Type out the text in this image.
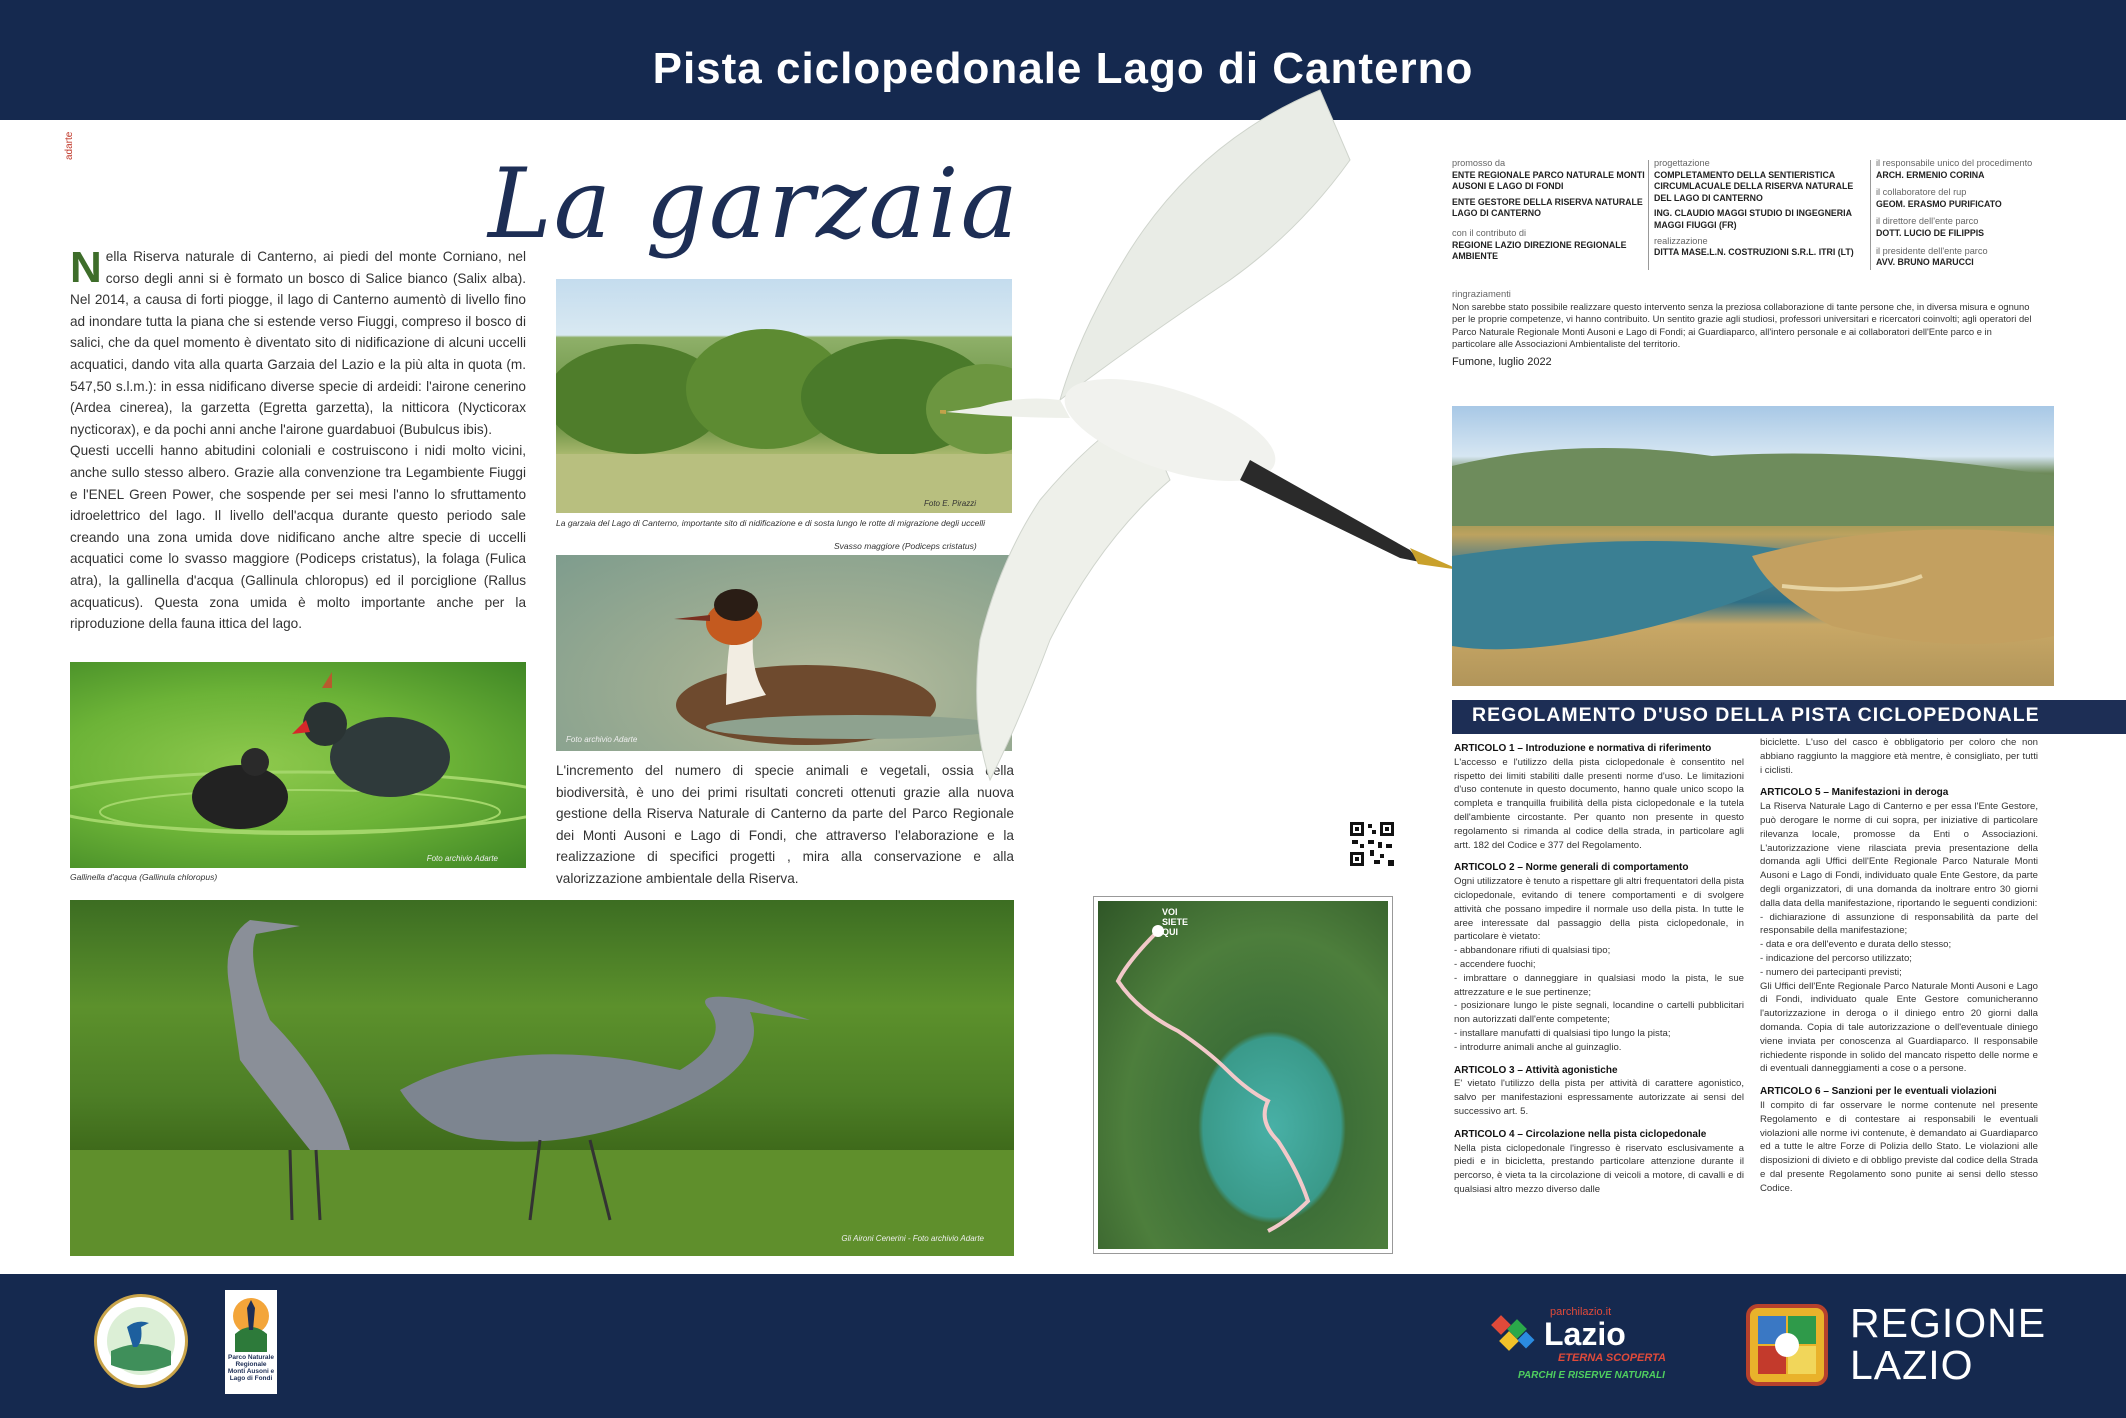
Pista ciclopedonale Lago di Canterno
adarte
La garzaia
N ella Riserva naturale di Canterno, ai piedi del monte Corniano, nel corso degli anni si è formato un bosco di Salice bianco (Salix alba). Nel 2014, a causa di forti piogge, il lago di Canterno aumentò di livello fino ad inondare tutta la piana che si estende verso Fiuggi, compreso il bosco di salici, che da quel momento è diventato sito di nidificazione di alcuni uccelli acquatici, dando vita alla quarta Garzaia del Lazio e la più alta in quota (m. 547,50 s.l.m.): in essa nidificano diverse specie di ardeidi: l'airone cenerino (Ardea cinerea), la garzetta (Egretta garzetta), la nitticora (Nycticorax nycticorax), e da pochi anni anche l'airone guardabuoi (Bubulcus ibis).
Questi uccelli hanno abitudini coloniali e costruiscono i nidi molto vicini, anche sullo stesso albero. Grazie alla convenzione tra Legambiente Fiuggi e l'ENEL Green Power, che sospende per sei mesi l'anno lo sfruttamento idroelettrico del lago. Il livello dell'acqua durante questo periodo sale creando una zona umida dove nidificano anche altre specie di uccelli acquatici come lo svasso maggiore (Podiceps cristatus), la folaga (Fulica atra), la gallinella d'acqua (Gallinula chloropus) ed il porciglione (Rallus acquaticus). Questa zona umida è molto importante anche per la riproduzione della fauna ittica del lago.
Foto E. Pirazzi
La garzaia del Lago di Canterno, importante sito di nidificazione e di sosta lungo le rotte di migrazione degli uccelli
Svasso maggiore (Podiceps cristatus)
Foto archivio Adarte
Foto archivio Adarte
Gallinella d'acqua (Gallinula chloropus)
L'incremento del numero di specie animali e vegetali, ossia della biodiversità, è uno dei primi risultati concreti ottenuti grazie alla nuova gestione della Riserva Naturale di Canterno da parte del Parco Regionale dei Monti Ausoni e Lago di Fondi, che attraverso l'elaborazione e la realizzazione di specifici progetti , mira alla conservazione e alla valorizzazione ambientale della Riserva.
Gli Aironi Cenerini - Foto archivio Adarte
promosso da
ENTE REGIONALE PARCO NATURALE MONTI AUSONI E LAGO DI FONDI
ENTE GESTORE DELLA RISERVA NATURALE LAGO DI CANTERNO
con il contributo di
REGIONE LAZIO DIREZIONE REGIONALE AMBIENTE
progettazione
COMPLETAMENTO DELLA SENTIERISTICA CIRCUMLACUALE DELLA RISERVA NATURALE DEL LAGO DI CANTERNO
ING. CLAUDIO MAGGI STUDIO DI INGEGNERIA MAGGI FIUGGI (FR)
realizzazione
DITTA MASE.L.N. COSTRUZIONI S.R.L. ITRI (LT)
il responsabile unico del procedimento
ARCH. ERMENIO CORINA
il collaboratore del rup
GEOM. ERASMO PURIFICATO
il direttore dell'ente parco
DOTT. LUCIO DE FILIPPIS
il presidente dell'ente parco
AVV. BRUNO MARUCCI
ringraziamenti
Non sarebbe stato possibile realizzare questo intervento senza la preziosa collaborazione di tante persone che, in diversa misura e ognuno per le proprie competenze, vi hanno contribuito. Un sentito grazie agli studiosi, professori universitari e ricercatori coinvolti; agli operatori del Parco Naturale Regionale Monti Ausoni e Lago di Fondi; ai Guardiaparco, all'intero personale e ai collaboratori dell'Ente parco e in particolare alle Associazioni Ambientaliste del territorio.
Fumone, luglio 2022
REGOLAMENTO D'USO DELLA PISTA CICLOPEDONALE
ARTICOLO 1 – Introduzione e normativa di riferimento
L'accesso e l'utilizzo della pista ciclopedonale è consentito nel rispetto dei limiti stabiliti dalle presenti norme d'uso. Le limitazioni d'uso contenute in questo documento, hanno quale unico scopo la completa e tranquilla fruibilità della pista ciclopedonale e la tutela dell'ambiente circostante. Per quanto non presente in questo regolamento si rimanda al codice della strada, in particolare agli artt. 182 del Codice e 377 del Regolamento.
ARTICOLO 2 – Norme generali di comportamento
Ogni utilizzatore è tenuto a rispettare gli altri frequentatori della pista ciclopedonale, evitando di tenere comportamenti e di svolgere attività che possano impedire il normale uso della pista. In tutte le aree interessate dal passaggio della pista ciclopedonale, in particolare è vietato:
- abbandonare rifiuti di qualsiasi tipo;
- accendere fuochi;
- imbrattare o danneggiare in qualsiasi modo la pista, le sue attrezzature e le sue pertinenze;
- posizionare lungo le piste segnali, locandine o cartelli pubblicitari non autorizzati dall'ente competente;
- installare manufatti di qualsiasi tipo lungo la pista;
- introdurre animali anche al guinzaglio.
ARTICOLO 3 – Attività agonistiche
E' vietato l'utilizzo della pista per attività di carattere agonistico, salvo per manifestazioni espressamente autorizzate ai sensi del successivo art. 5.
ARTICOLO 4 – Circolazione nella pista ciclopedonale
Nella pista ciclopedonale l'ingresso è riservato esclusivamente a piedi e in bicicletta, prestando particolare attenzione durante il percorso, è vieta ta la circolazione di veicoli a motore, di cavalli e di qualsiasi altro mezzo diverso dalle
biciclette. L'uso del casco è obbligatorio per coloro che non abbiano raggiunto la maggiore età mentre, è consigliato, per tutti i ciclisti.
ARTICOLO 5 – Manifestazioni in deroga
La Riserva Naturale Lago di Canterno e per essa l'Ente Gestore, può derogare le norme di cui sopra, per iniziative di particolare rilevanza locale, promosse da Enti o Associazioni. L'autorizzazione viene rilasciata previa presentazione della domanda agli Uffici dell'Ente Regionale Parco Naturale Monti Ausoni e Lago di Fondi, individuato quale Ente Gestore, da parte degli organizzatori, di una domanda da inoltrare entro 30 giorni dalla data della manifestazione, riportando le seguenti condizioni:
- dichiarazione di assunzione di responsabilità da parte del responsabile della manifestazione;
- data e ora dell'evento e durata dello stesso;
- indicazione del percorso utilizzato;
- numero dei partecipanti previsti;
Gli Uffici dell'Ente Regionale Parco Naturale Monti Ausoni e Lago di Fondi, individuato quale Ente Gestore comunicheranno l'autorizzazione in deroga o il diniego entro 20 giorni dalla domanda. Copia di tale autorizzazione o dell'eventuale diniego viene inviata per conoscenza al Guardiaparco. Il responsabile richiedente risponde in solido del mancato rispetto delle norme e di eventuali danneggiamenti a cose o a persone.
ARTICOLO 6 – Sanzioni per le eventuali violazioni
Il compito di far osservare le norme contenute nel presente Regolamento e di contestare ai responsabili le eventuali violazioni alle norme ivi contenute, è demandato ai Guardiaparco ed a tutte le altre Forze di Polizia dello Stato. Le violazioni alle disposizioni di divieto e di obbligo previste dal codice della Strada e dal presente Regolamento sono punite ai sensi dello stesso Codice.
VOI SIETE QUI
Parco Naturale Regionale Monti Ausoni e Lago di Fondi
parchilazio.it
Lazio
ETERNA SCOPERTA
PARCHI E RISERVE NATURALI
REGIONE
LAZIO
